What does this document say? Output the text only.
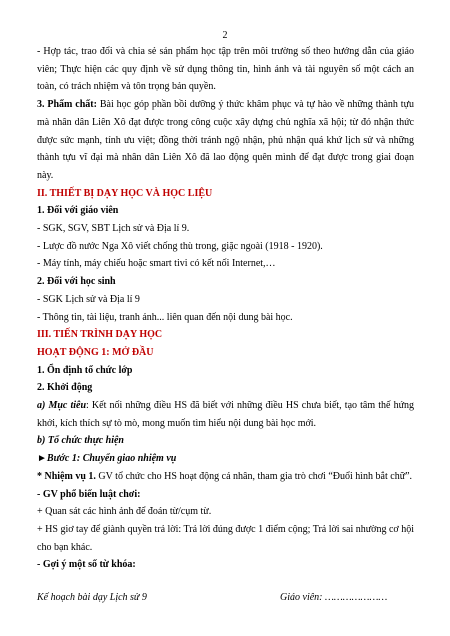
2

- Hợp tác, trao đổi và chia sẻ sản phẩm học tập trên môi trường số theo hướng dẫn của giáo viên; Thực hiện các quy định về sử dụng thông tin, hình ảnh và tài nguyên số một cách an toàn, có trách nhiệm và tôn trọng bản quyền.

3. Phẩm chất: Bài học góp phần bồi dưỡng ý thức khâm phục và tự hào về những thành tựu mà nhân dân Liên Xô đạt được trong công cuộc xây dựng chủ nghĩa xã hội; từ đó nhận thức được sức mạnh, tính ưu việt; đồng thời tránh ngộ nhận, phủ nhận quá khứ lịch sử và những thành tựu vĩ đại mà nhân dân Liên Xô đã lao động quên mình để đạt được trong giai đoạn này.

II. THIẾT BỊ DẠY HỌC VÀ HỌC LIỆU

1. Đối với giáo viên

- SGK, SGV, SBT Lịch sử và Địa lí 9.

- Lược đồ nước Nga Xô viết chống thù trong, giặc ngoài (1918 - 1920).

- Máy tính, máy chiếu hoặc smart tivi có kết nối Internet,…

2. Đối với học sinh

- SGK Lịch sử và Địa lí 9

- Thông tin, tài liệu, tranh ảnh... liên quan đến nội dung bài học.

III. TIẾN TRÌNH DẠY HỌC

HOẠT ĐỘNG 1: MỞ ĐẦU

1. Ổn định tổ chức lớp

2. Khởi động

a) Mục tiêu: Kết nối những điều HS đã biết với những điều HS chưa biết, tạo tâm thế hứng khởi, kích thích sự tò mò, mong muốn tìm hiểu nội dung bài học mới.

b) Tổ chức thực hiện

►Bước 1: Chuyển giao nhiệm vụ

* Nhiệm vụ 1. GV tổ chức cho HS hoạt động cá nhân, tham gia trò chơi “Đuổi hình bắt chữ”.

- GV phổ biến luật chơi:

+ Quan sát các hình ảnh để đoán từ/cụm từ.

+ HS giơ tay để giành quyền trả lời: Trả lời đúng được 1 điểm cộng; Trả lời sai nhường cơ hội cho bạn khác.

- Gợi ý một số từ khóa:

Kế hoạch bài dạy Lịch sử 9	Giáo viên: …………………
